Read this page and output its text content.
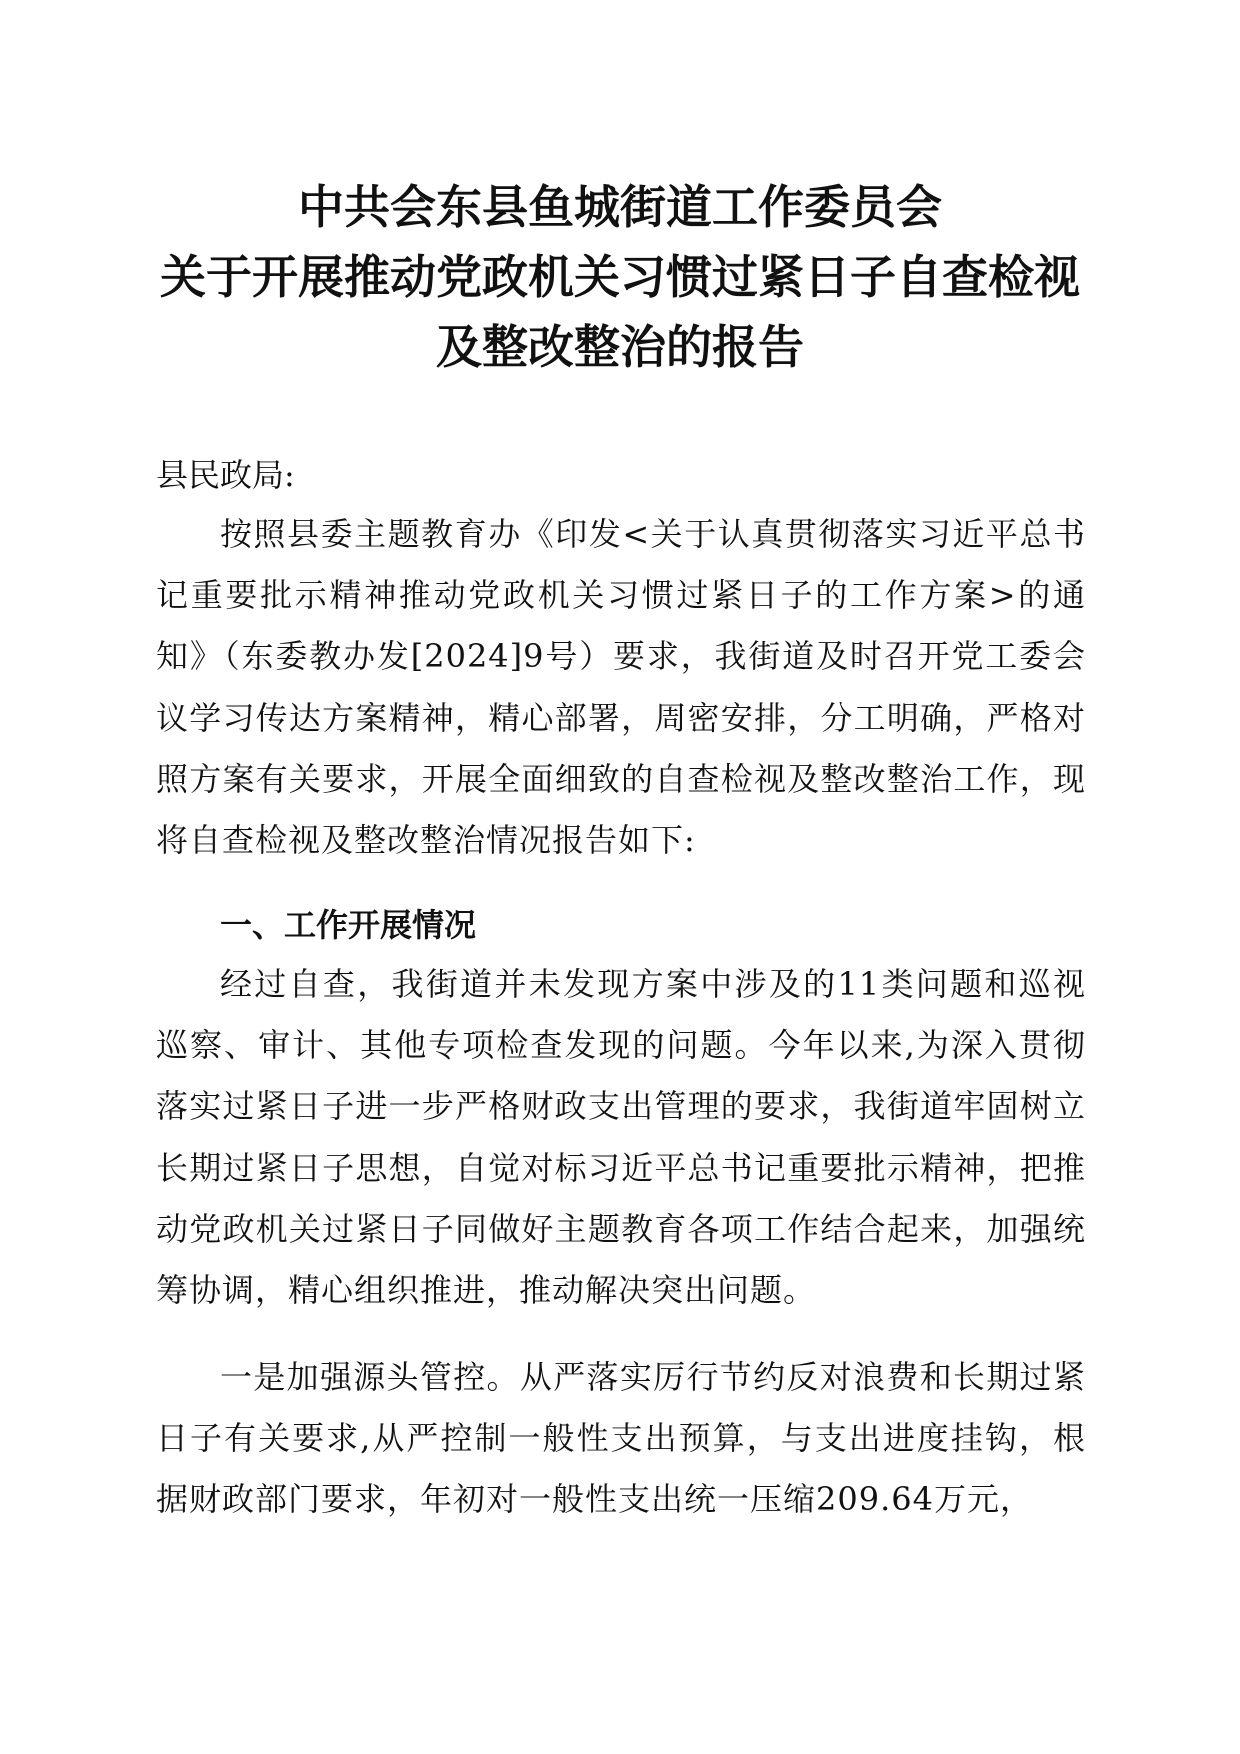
中共会东县鱼城街道工作委员会
关于开展推动党政机关习惯过紧日子自查检视
及整改整治的报告
县民政局:
按照县委主题教育办《印发<关于认真贯彻落实习近平总书记重要批示精神推动党政机关习惯过紧日子的工作方案>的通知》（东委教办发[2024]9号）要求，我街道及时召开党工委会议学习传达方案精神，精心部署，周密安排，分工明确，严格对照方案有关要求，开展全面细致的自查检视及整改整治工作，现将自查检视及整改整治情况报告如下:
一、工作开展情况
经过自查，我街道并未发现方案中涉及的11类问题和巡视巡察、审计、其他专项检查发现的问题。今年以来,为深入贯彻落实过紧日子进一步严格财政支出管理的要求，我街道牢固树立长期过紧日子思想，自觉对标习近平总书记重要批示精神，把推动党政机关过紧日子同做好主题教育各项工作结合起来，加强统筹协调，精心组织推进，推动解决突出问题。
一是加强源头管控。从严落实厉行节约反对浪费和长期过紧日子有关要求,从严控制一般性支出预算，与支出进度挂钩，根据财政部门要求，年初对一般性支出统一压缩209.64万元，
